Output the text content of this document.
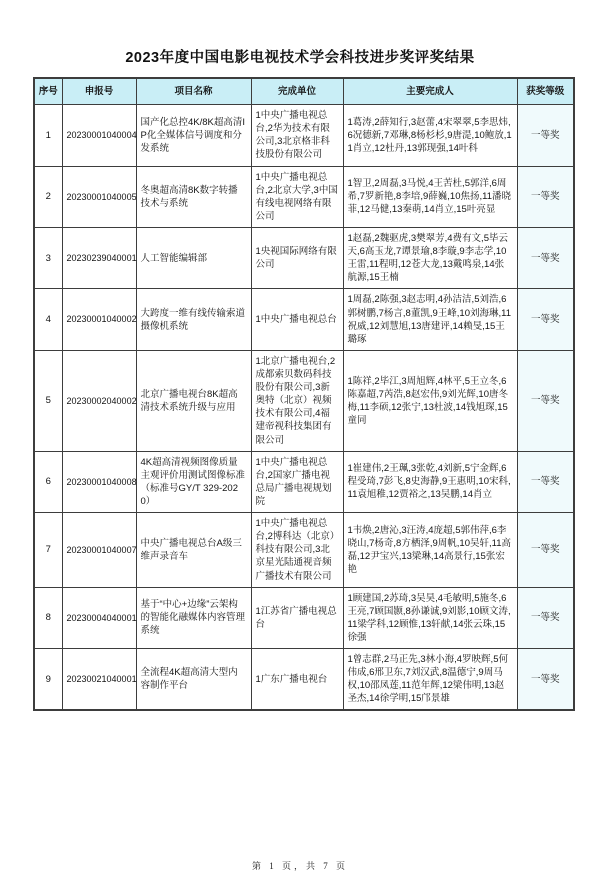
2023年度中国电影电视技术学会科技进步奖评奖结果
序号	申报号	项目名称	完成单位	主要完成人	获奖等级
1	20230001040004	国产化总控4K/8K超高清IP化全媒体信号调度和分发系统	1中央广播电视总台,2华为技术有限公司,3北京格非科技股份有限公司	1葛涛,2薛知行,3赵蕾,4宋翠翠,5李思炜,6况德新,7邓琳,8杨杉杉,9唐湜,10鲍放,11肖立,12杜丹,13郭现强,14叶科	一等奖
2	20230001040005	冬奥超高清8K数字转播技术与系统	1中央广播电视总台,2北京大学,3中国有线电视网络有限公司	1智卫,2周磊,3马悦,4王苦杜,5郭洋,6周希,7罗新艳,8李培,9薛巍,10焦扬,11潘晓菲,12马健,13秦萌,14肖立,15叶亮显	一等奖
3	20230239040001	人工智能编辑部	1央视国际网络有限公司	1赵磊,2魏驱虎,3樊翠芳,4费有文,5毕云天,6高玉龙,7谭景瑜,8李璇,9李志学,10王雷,11程明,12苍大龙,13戴鸣泉,14张航源,15王楠	一等奖
4	20230001040002	大跨度一维有线传输索道摄像机系统	1中央广播电视总台	1周磊,2陈强,3赵志明,4孙洁洁,5刘浩,6郭树鹏,7杨言,8董凯,9王峰,10刘海琳,11祝威,12刘慧旭,13唐建评,14赖旻,15王璐琢	一等奖
5	20230002040002	北京广播电视台8K超高清技术系统升级与应用	1北京广播电视台,2成都索贝数码科技股份有限公司,3新奥特（北京）视频技术有限公司,4福建帝视科技集团有限公司	1陈祥,2毕江,3周旭辉,4林平,5王立冬,6陈嘉超,7芮浩,8赵宏伟,9刘光辉,10唐冬梅,11李硕,12张宁,13杜波,14钱旭琛,15童同	一等奖
6	20230001040008	4K超高清视频图像质量主观评价用测试图像标准（标准号GY/T 329-2020）	1中央广播电视总台,2国家广播电视总局广播电视规划院	1崔建伟,2王珮,3张乾,4刘新,5宁金辉,6程受琦,7彭飞,8史海静,9王惠明,10宋科,11袁旭稚,12贾裕之,13吴鹏,14肖立	一等奖
7	20230001040007	中央广播电视总台A级三维声录音车	1中央广播电视总台,2博科达（北京）科技有限公司,3北京星光陆通视音频广播技术有限公司	1韦焕,2唐沁,3汪涛,4庞超,5郭伟萍,6李晓山,7杨奇,8方栖泽,9周帆,10吴轩,11高磊,12尹宝兴,13梁琳,14高景行,15张宏艳	一等奖
8	20230004040001	基于“中心+边缘”云架构的智能化融媒体内容管理系统	1江苏省广播电视总台	1顾建国,2苏琦,3吴昊,4毛敏明,5施冬,6王亮,7顾国颢,8孙谦诚,9刘影,10顾文涛,11梁学科,12顾惟,13轩献,14张云珠,15徐强	一等奖
9	20230021040001	全流程4K超高清大型内容制作平台	1广东广播电视台	1曾志群,2马正先,3林小海,4罗映辉,5何伟成,6邢卫东,7刘汉武,8温德宁,9周马权,10邵凤莲,11范年辉,12梁伟明,13赵圣杰,14徐学明,15邝景雄	一等奖
第 1 页，共 7 页
